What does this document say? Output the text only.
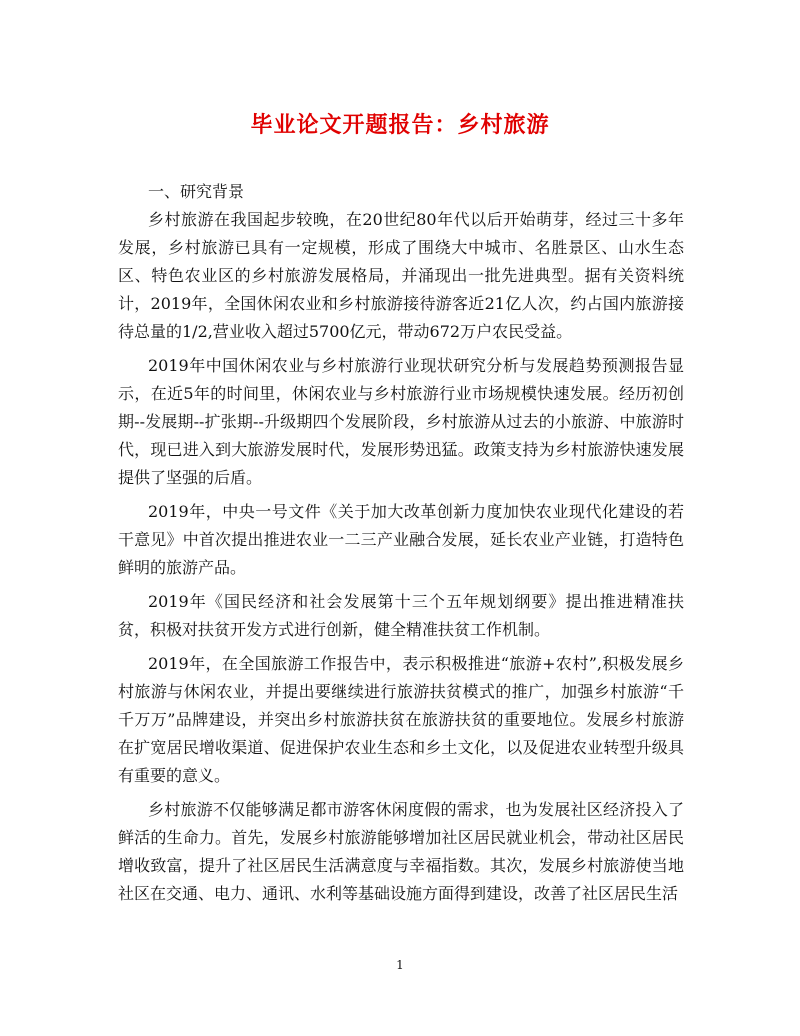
毕业论文开题报告：乡村旅游

一、研究背景

乡村旅游在我国起步较晚，在20世纪80年代以后开始萌芽，经过三十多年发展，乡村旅游已具有一定规模，形成了围绕大中城市、名胜景区、山水生态区、特色农业区的乡村旅游发展格局，并涌现出一批先进典型。据有关资料统计，2019年，全国休闲农业和乡村旅游接待游客近21亿人次，约占国内旅游接待总量的1/2,营业收入超过5700亿元，带动672万户农民受益。

2019年中国休闲农业与乡村旅游行业现状研究分析与发展趋势预测报告显示，在近5年的时间里，休闲农业与乡村旅游行业市场规模快速发展。经历初创期--发展期--扩张期--升级期四个发展阶段，乡村旅游从过去的小旅游、中旅游时代，现已进入到大旅游发展时代，发展形势迅猛。政策支持为乡村旅游快速发展提供了坚强的后盾。

2019年，中央一号文件《关于加大改革创新力度加快农业现代化建设的若干意见》中首次提出推进农业一二三产业融合发展，延长农业产业链，打造特色鲜明的旅游产品。

2019年《国民经济和社会发展第十三个五年规划纲要》提出推进精准扶贫，积极对扶贫开发方式进行创新，健全精准扶贫工作机制。

2019年，在全国旅游工作报告中，表示积极推进“旅游+农村”,积极发展乡村旅游与休闲农业，并提出要继续进行旅游扶贫模式的推广，加强乡村旅游“千千万万”品牌建设，并突出乡村旅游扶贫在旅游扶贫的重要地位。发展乡村旅游在扩宽居民增收渠道、促进保护农业生态和乡土文化，以及促进农业转型升级具有重要的意义。

乡村旅游不仅能够满足都市游客休闲度假的需求，也为发展社区经济投入了鲜活的生命力。首先，发展乡村旅游能够增加社区居民就业机会，带动社区居民增收致富，提升了社区居民生活满意度与幸福指数。其次，发展乡村旅游使当地社区在交通、电力、通讯、水利等基础设施方面得到建设，改善了社区居民生活

1
